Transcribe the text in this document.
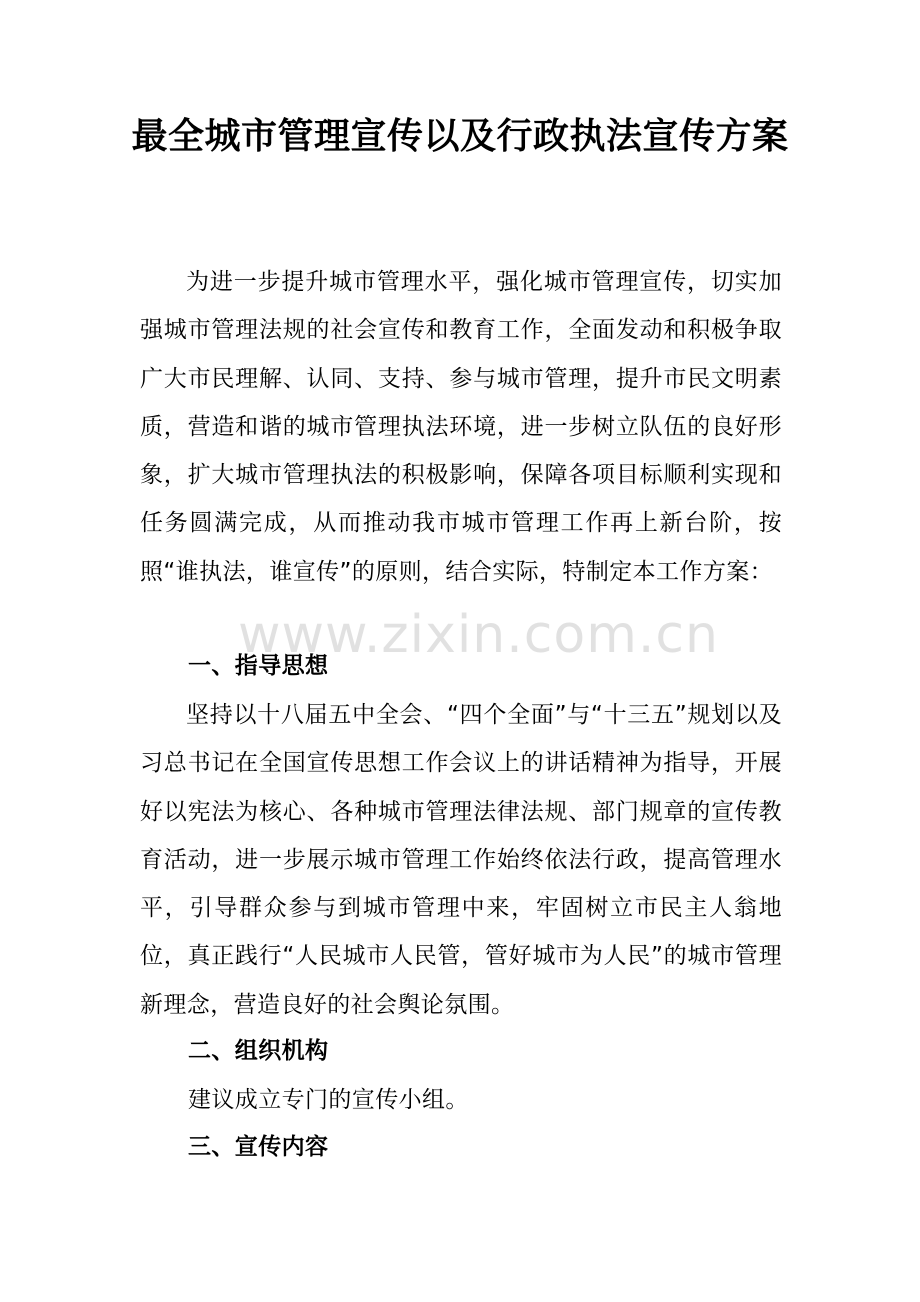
最全城市管理宣传以及行政执法宣传方案

为进一步提升城市管理水平，强化城市管理宣传，切实加强城市管理法规的社会宣传和教育工作，全面发动和积极争取广大市民理解、认同、支持、参与城市管理，提升市民文明素质，营造和谐的城市管理执法环境，进一步树立队伍的良好形象，扩大城市管理执法的积极影响，保障各项目标顺利实现和任务圆满完成，从而推动我市城市管理工作再上新台阶，按照“谁执法，谁宣传”的原则，结合实际，特制定本工作方案：

一、指导思想

坚持以十八届五中全会、“四个全面”与“十三五”规划以及习总书记在全国宣传思想工作会议上的讲话精神为指导，开展好以宪法为核心、各种城市管理法律法规、部门规章的宣传教育活动，进一步展示城市管理工作始终依法行政，提高管理水平，引导群众参与到城市管理中来，牢固树立市民主人翁地位，真正践行“人民城市人民管，管好城市为人民”的城市管理新理念，营造良好的社会舆论氛围。

二、组织机构

建议成立专门的宣传小组。

三、宣传内容
www.zixin.com.cn
